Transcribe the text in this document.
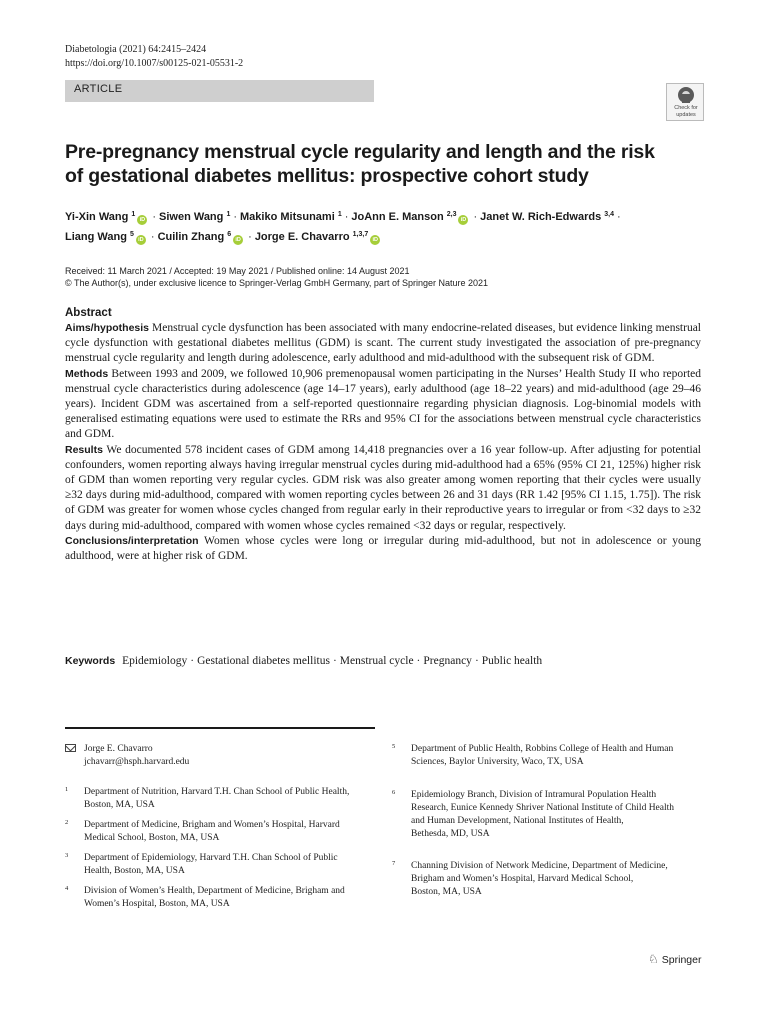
Diabetologia (2021) 64:2415–2424
https://doi.org/10.1007/s00125-021-05531-2
ARTICLE
Check for
updates
Pre-pregnancy menstrual cycle regularity and length and the risk
of gestational diabetes mellitus: prospective cohort study
Yi-Xin Wang $^1$iD · Siwen Wang $^1$ · Makiko Mitsunami $^1$ · JoAnn E. Manson $^{2,3}$iD · Janet W. Rich-Edwards $^{3,4}$ ·
Liang Wang $^5$iD · Cuilin Zhang $^6$iD · Jorge E. Chavarro $^{1,3,7}$iD
Received: 11 March 2021 / Accepted: 19 May 2021 / Published online: 14 August 2021
© The Author(s), under exclusive licence to Springer-Verlag GmbH Germany, part of Springer Nature 2021
Abstract

Aims/hypothesis Menstrual cycle dysfunction has been associated with many endocrine-related diseases, but evidence linking menstrual cycle dysfunction with gestational diabetes mellitus (GDM) is scant. The current study investigated the association of pre-pregnancy menstrual cycle regularity and length during adolescence, early adulthood and mid-adulthood with the subsequent risk of GDM.

Methods Between 1993 and 2009, we followed 10,906 premenopausal women participating in the Nurses’ Health Study II who reported menstrual cycle characteristics during adolescence (age 14–17 years), early adulthood (age 18–22 years) and mid-adulthood (age 29–46 years). Incident GDM was ascertained from a self-reported questionnaire regarding physician diagnosis. Log-binomial models with generalised estimating equations were used to estimate the RRs and 95% CI for the associations between menstrual cycle characteristics and GDM.

Results We documented 578 incident cases of GDM among 14,418 pregnancies over a 16 year follow-up. After adjusting for potential confounders, women reporting always having irregular menstrual cycles during mid-adulthood had a 65% (95% CI 21, 125%) higher risk of GDM than women reporting very regular cycles. GDM risk was also greater among women reporting that their cycles were usually ≥32 days during mid-adulthood, compared with women reporting cycles between 26 and 31 days (RR 1.42 [95% CI 1.15, 1.75]). The risk of GDM was greater for women whose cycles changed from regular early in their reproductive years to irregular or from <32 days to ≥32 days during mid-adulthood, compared with women whose cycles remained <32 days or regular, respectively.

Conclusions/interpretation Women whose cycles were long or irregular during mid-adulthood, but not in adolescence or young adulthood, were at higher risk of GDM.

Keywords Epidemiology · Gestational diabetes mellitus · Menstrual cycle · Pregnancy · Public health
Jorge E. Chavarro
jchavarr@hsph.harvard.edu
1 Department of Nutrition, Harvard T.H. Chan School of Public Health,
Boston, MA, USA
2 Department of Medicine, Brigham and Women’s Hospital, Harvard
Medical School, Boston, MA, USA
3 Department of Epidemiology, Harvard T.H. Chan School of Public
Health, Boston, MA, USA
4 Division of Women’s Health, Department of Medicine, Brigham and
Women’s Hospital, Boston, MA, USA
5 Department of Public Health, Robbins College of Health and Human
Sciences, Baylor University, Waco, TX, USA
6 Epidemiology Branch, Division of Intramural Population Health
Research, Eunice Kennedy Shriver National Institute of Child Health
and Human Development, National Institutes of Health,
Bethesda, MD, USA
7 Channing Division of Network Medicine, Department of Medicine,
Brigham and Women’s Hospital, Harvard Medical School,
Boston, MA, USA
♘ Springer
